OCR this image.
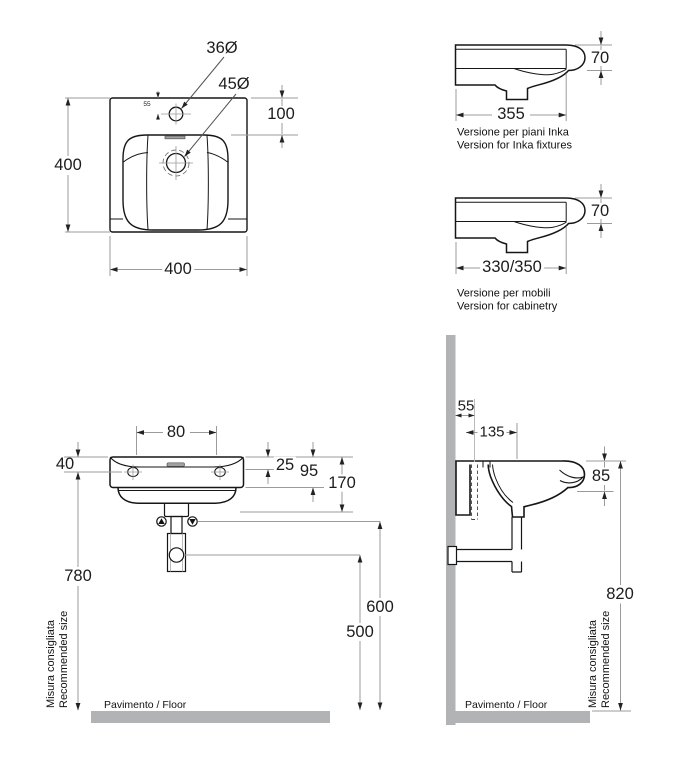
36Ø
45Ø
55
100
400
400
70
355
Versione per piani Inka
Version for Inka fixtures
70
330/350
Versione per mobili
Version for cabinetry
80
40	25 95
170
780
600
500
Pavimento / Floor
Misura consigliata Recommended size
55
135
85
820
Pavimento / Floor	Misura consigliata Recommended size
